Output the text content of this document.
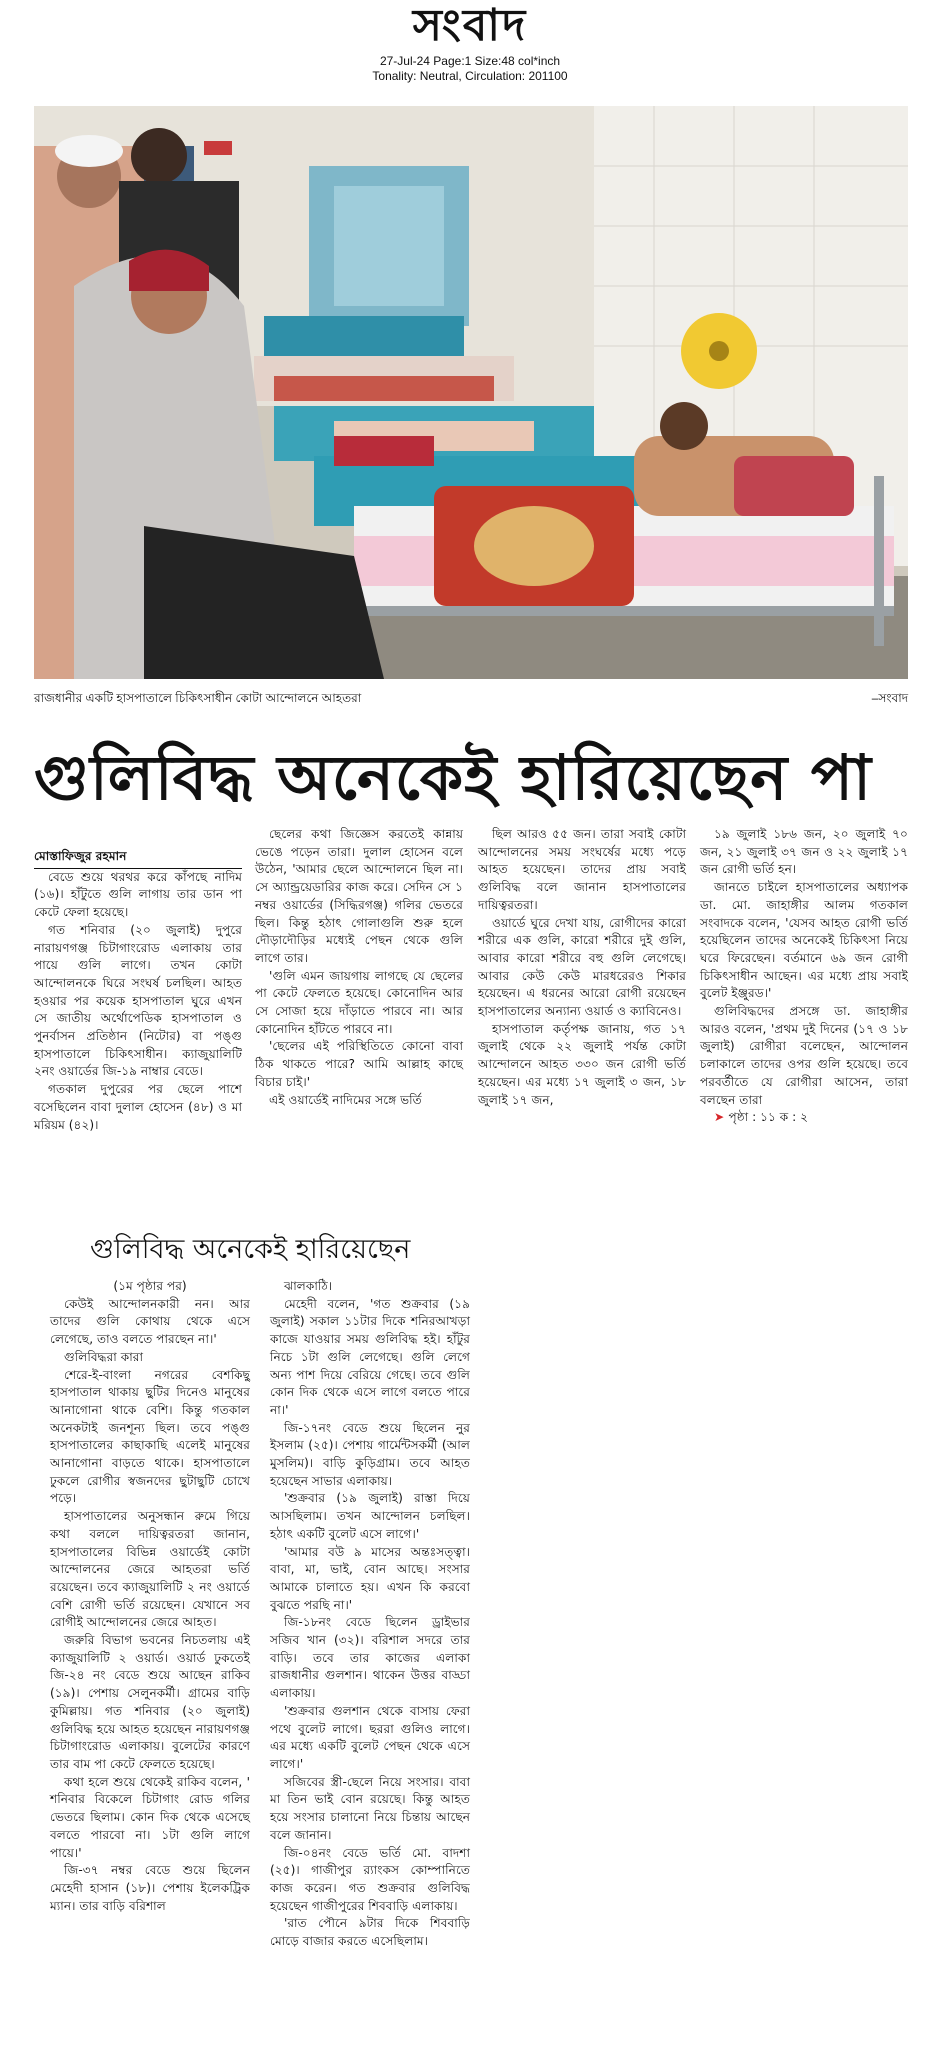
সংবাদ
27-Jul-24 Page:1 Size:48 col*inch
Tonality: Neutral, Circulation: 201100
রাজধানীর একটি হাসপাতালে চিকিৎসাধীন কোটা আন্দোলনে আহতরা	–সংবাদ
গুলিবিদ্ধ অনেকেই হারিয়েছেন পা

মোস্তাফিজুর রহমান

বেডে শুয়ে থরথর করে কাঁপছে নাদিম (১৬)। হাঁটুতে গুলি লাগায় তার ডান পা কেটে ফেলা হয়েছে।

গত শনিবার (২০ জুলাই) দুপুরে নারায়ণগঞ্জ চিটাগাংরোড এলাকায় তার পায়ে গুলি লাগে। তখন কোটা আন্দোলনকে ঘিরে সংঘর্ষ চলছিল। আহত হওয়ার পর কয়েক হাসপাতাল ঘুরে এখন সে জাতীয় অর্থোপেডিক হাসপাতাল ও পুনর্বাসন প্রতিষ্ঠান (নিটোর) বা পঙ্গু হাসপাতালে চিকিৎসাধীন। ক্যাজুয়ালিটি ২নং ওয়ার্ডের জি-১৯ নাম্বার বেডে।

গতকাল দুপুরের পর ছেলে পাশে বসেছিলেন বাবা দুলাল হোসেন (৪৮) ও মা মরিয়ম (৪২)।

ছেলের কথা জিজ্ঞেস করতেই কান্নায় ভেঙে পড়েন তারা। দুলাল হোসেন বলে উঠেন, 'আমার ছেলে আন্দোলনে ছিল না। সে অ্যান্ড্রয়েডারির কাজ করে। সেদিন সে ১ নম্বর ওয়ার্ডের (সিদ্ধিরগঞ্জ) গলির ভেতরে ছিল। কিন্তু হঠাৎ গোলাগুলি শুরু হলে দৌড়াদৌড়ির মধ্যেই পেছন থেকে গুলি লাগে তার।

'গুলি এমন জায়গায় লাগছে যে ছেলের পা কেটে ফেলতে হয়েছে। কোনোদিন আর সে সোজা হয়ে দাঁড়াতে পারবে না। আর কোনোদিন হাঁটতে পারবে না।

'ছেলের এই পরিস্থিতিতে কোনো বাবা ঠিক থাকতে পারে? আমি আল্লাহ কাছে বিচার চাই।'

এই ওয়ার্ডেই নাদিমের সঙ্গে ভর্তি

ছিল আরও ৫৫ জন। তারা সবাই কোটা আন্দোলনের সময় সংঘর্ষের মধ্যে পড়ে আহত হয়েছেন। তাদের প্রায় সবাই গুলিবিদ্ধ বলে জানান হাসপাতালের দায়িত্বরতরা।

ওয়ার্ডে ঘুরে দেখা যায়, রোগীদের কারো শরীরে এক গুলি, কারো শরীরে দুই গুলি, আবার কারো শরীরে বহু গুলি লেগেছে। আবার কেউ কেউ মারধরেরও শিকার হয়েছেন। এ ধরনের আরো রোগী রয়েছেন হাসপাতালের অন্যান্য ওয়ার্ড ও ক্যাবিনেও।

হাসপাতাল কর্তৃপক্ষ জানায়, গত ১৭ জুলাই থেকে ২২ জুলাই পর্যন্ত কোটা আন্দোলনে আহত ৩৩০ জন রোগী ভর্তি হয়েছেন। এর মধ্যে ১৭ জুলাই ৩ জন, ১৮ জুলাই ১৭ জন,

১৯ জুলাই ১৮৬ জন, ২০ জুলাই ৭০ জন, ২১ জুলাই ৩৭ জন ও ২২ জুলাই ১৭ জন রোগী ভর্তি হন।

জানতে চাইলে হাসপাতালের অধ্যাপক ডা. মো. জাহাঙ্গীর আলম গতকাল সংবাদকে বলেন, 'যেসব আহত রোগী ভর্তি হয়েছিলেন তাদের অনেকেই চিকিৎসা নিয়ে ঘরে ফিরেছেন। বর্তমানে ৬৯ জন রোগী চিকিৎসাধীন আছেন। এর মধ্যে প্রায় সবাই বুলেট ইঞ্জুরড।'

গুলিবিদ্ধদের প্রসঙ্গে ডা. জাহাঙ্গীর আরও বলেন, 'প্রথম দুই দিনের (১৭ ও ১৮ জুলাই) রোগীরা বলেছেন, আন্দোলন চলাকালে তাদের ওপর গুলি হয়েছে। তবে পরবর্তীতে যে রোগীরা আসেন, তারা বলছেন তারা

➤ পৃষ্ঠা : ১১ ক : ২

গুলিবিদ্ধ অনেকেই হারিয়েছেন

(১ম পৃষ্ঠার পর)

কেউই আন্দোলনকারী নন। আর তাদের গুলি কোথায় থেকে এসে লেগেছে, তাও বলতে পারছেন না।'

গুলিবিদ্ধরা কারা

শেরে-ই-বাংলা নগরের বেশকিছু হাসপাতাল থাকায় ছুটির দিনেও মানুষের আনাগোনা থাকে বেশি। কিন্তু গতকাল অনেকটাই জনশূন্য ছিল। তবে পঙ্গু হাসপাতালের কাছাকাছি এলেই মানুষের আনাগোনা বাড়তে থাকে। হাসপাতালে ঢুকলে রোগীর স্বজনদের ছুটাছুটি চোখে পড়ে।

হাসপাতালের অনুসন্ধান রুমে গিয়ে কথা বললে দায়িত্বরতরা জানান, হাসপাতালের বিভিন্ন ওয়ার্ডেই কোটা আন্দোলনের জেরে আহতরা ভর্তি রয়েছেন। তবে ক্যাজুয়ালিটি ২ নং ওয়ার্ডে বেশি রোগী ভর্তি রয়েছেন। যেখানে সব রোগীই আন্দোলনের জেরে আহত।

জরুরি বিভাগ ভবনের নিচতলায় এই ক্যাজুয়ালিটি ২ ওয়ার্ড। ওয়ার্ড ঢুকতেই জি-২৪ নং বেডে শুয়ে আছেন রাকিব (১৯)। পেশায় সেলুনকর্মী। গ্রামের বাড়ি কুমিল্লায়। গত শনিবার (২০ জুলাই) গুলিবিদ্ধ হয়ে আহত হয়েছেন নারায়ণগঞ্জ চিটাগাংরোড এলাকায়। বুলেটের কারণে তার বাম পা কেটে ফেলতে হয়েছে।

কথা হলে শুয়ে থেকেই রাকিব বলেন, ' শনিবার বিকেলে চিটাগাং রোড গলির ভেতরে ছিলাম। কোন দিক থেকে এসেছে বলতে পারবো না। ১টা গুলি লাগে পায়ে।'

জি-৩৭ নম্বর বেডে শুয়ে ছিলেন মেহেদী হাসান (১৮)। পেশায় ইলেকট্রিক ম্যান। তার বাড়ি বরিশাল

ঝালকাঠি।

মেহেদী বলেন, 'গত শুক্রবার (১৯ জুলাই) সকাল ১১টার দিকে শনিরআখড়া কাজে যাওয়ার সময় গুলিবিদ্ধ হই। হাঁটুর নিচে ১টা গুলি লেগেছে। গুলি লেগে অন্য পাশ দিয়ে বেরিয়ে গেছে। তবে গুলি কোন দিক থেকে এসে লাগে বলতে পারে না।'

জি-১৭নং বেডে শুয়ে ছিলেন নুর ইসলাম (২৫)। পেশায় গার্মেন্টসকর্মী (আল মুসলিম)। বাড়ি কুড়িগ্রাম। তবে আহত হয়েছেন সাভার এলাকায়।

'শুক্রবার (১৯ জুলাই) রাস্তা দিয়ে আসছিলাম। তখন আন্দোলন চলছিল। হঠাৎ একটি বুলেট এসে লাগে।'

'আমার বউ ৯ মাসের অন্তঃসত্ত্বা। বাবা, মা, ভাই, বোন আছে। সংসার আমাকে চালাতে হয়। এখন কি করবো বুঝতে পরছি না।'

জি-১৮নং বেডে ছিলেন ড্রাইভার সজিব খান (৩২)। বরিশাল সদরে তার বাড়ি। তবে তার কাজের এলাকা রাজধানীর গুলশান। থাকেন উত্তর বাড্ডা এলাকায়।

'শুক্রবার গুলশান থেকে বাসায় ফেরা পথে বুলেট লাগে। ছররা গুলিও লাগে। এর মধ্যে একটি বুলেট পেছন থেকে এসে লাগে।'

সজিবের স্ত্রী-ছেলে নিয়ে সংসার। বাবা মা তিন ভাই বোন রয়েছে। কিন্তু আহত হয়ে সংসার চালানো নিয়ে চিন্তায় আছেন বলে জানান।

জি-০৪নং বেডে ভর্তি মো. বাদশা (২৫)। গাজীপুর র‍্যাংকস কোম্পানিতে কাজ করেন। গত শুক্রবার গুলিবিদ্ধ হয়েছেন গাজীপুরের শিববাড়ি এলাকায়।

'রাত পৌনে ৯টার দিকে শিববাড়ি মোড়ে বাজার করতে এসেছিলাম।
